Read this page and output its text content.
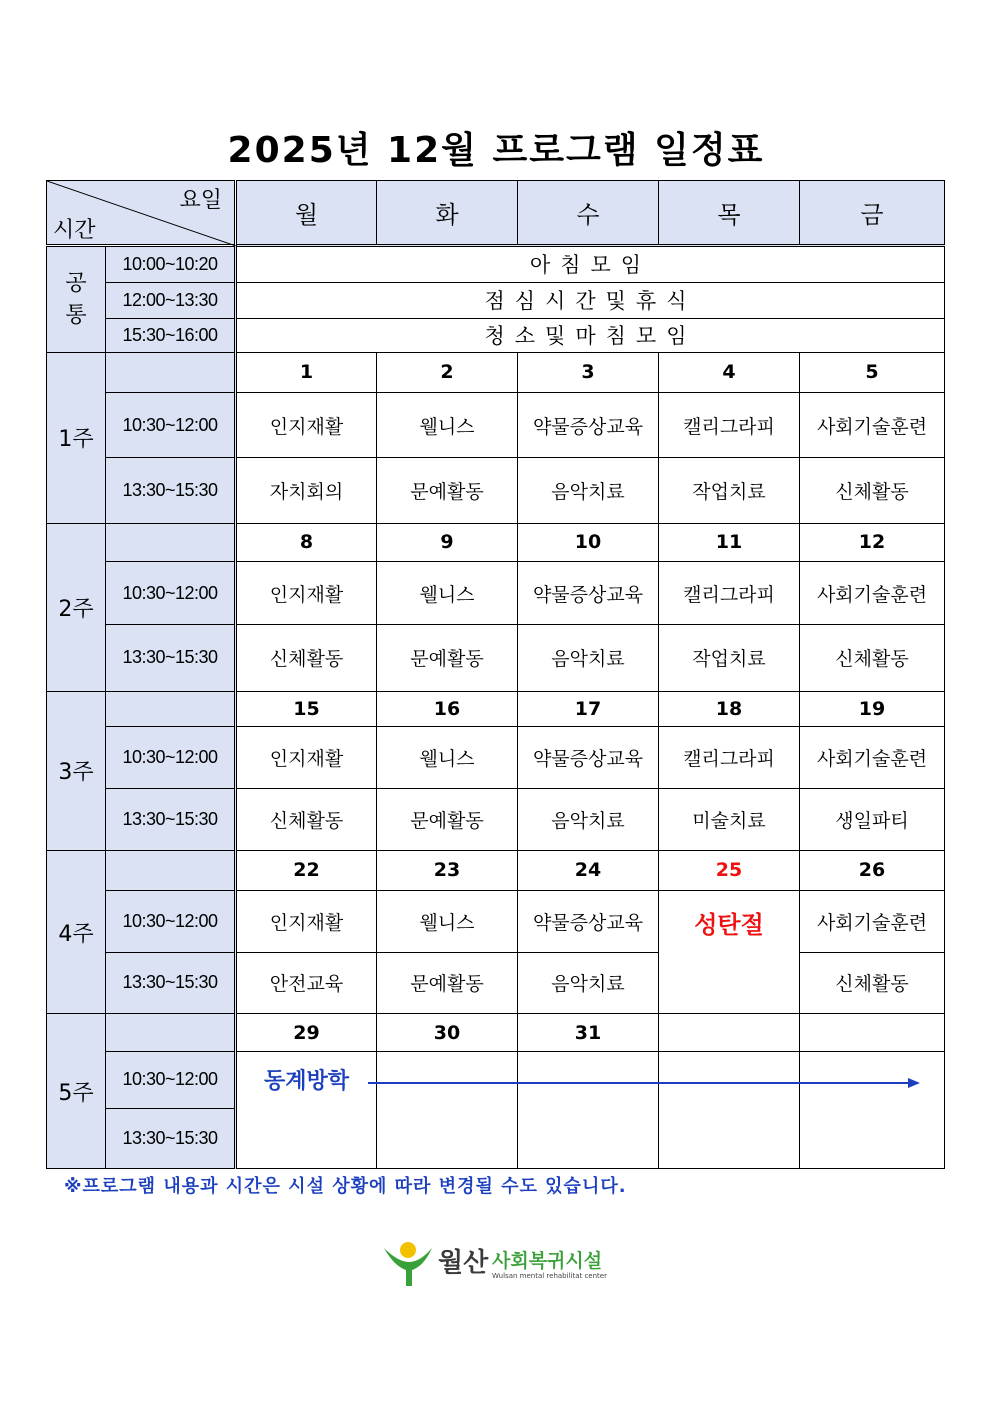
2025년 12월 프로그램 일정표
요일
시간		월	화	수	목	금
공
통	10:00~10:20	아침모임				
	12:00~13:30	점심시간및휴식				
	15:30~16:00	청소및마침모임				
1주		1	2	3	4	5
	10:30~12:00	인지재활	웰니스	약물증상교육	캘리그라피	사회기술훈련
	13:30~15:30	자치회의	문예활동	음악치료	작업치료	신체활동
2주		8	9	10	11	12
	10:30~12:00	인지재활	웰니스	약물증상교육	캘리그라피	사회기술훈련
	13:30~15:30	신체활동	문예활동	음악치료	작업치료	신체활동
3주		15	16	17	18	19
	10:30~12:00	인지재활	웰니스	약물증상교육	캘리그라피	사회기술훈련
	13:30~15:30	신체활동	문예활동	음악치료	미술치료	생일파티
4주		22	23	24	25	26
	10:30~12:00	인지재활	웰니스	약물증상교육	성탄절	사회기술훈련
	13:30~15:30	안전교육	문예활동	음악치료		신체활동
5주		29	30	31		
	10:30~12:00	동계방학				
	13:30~15:30					
※프로그램 내용과 시간은 시설 상황에 따라 변경될 수도 있습니다.
월산 사회복귀시설
Wulsan mental rehabilitat center
